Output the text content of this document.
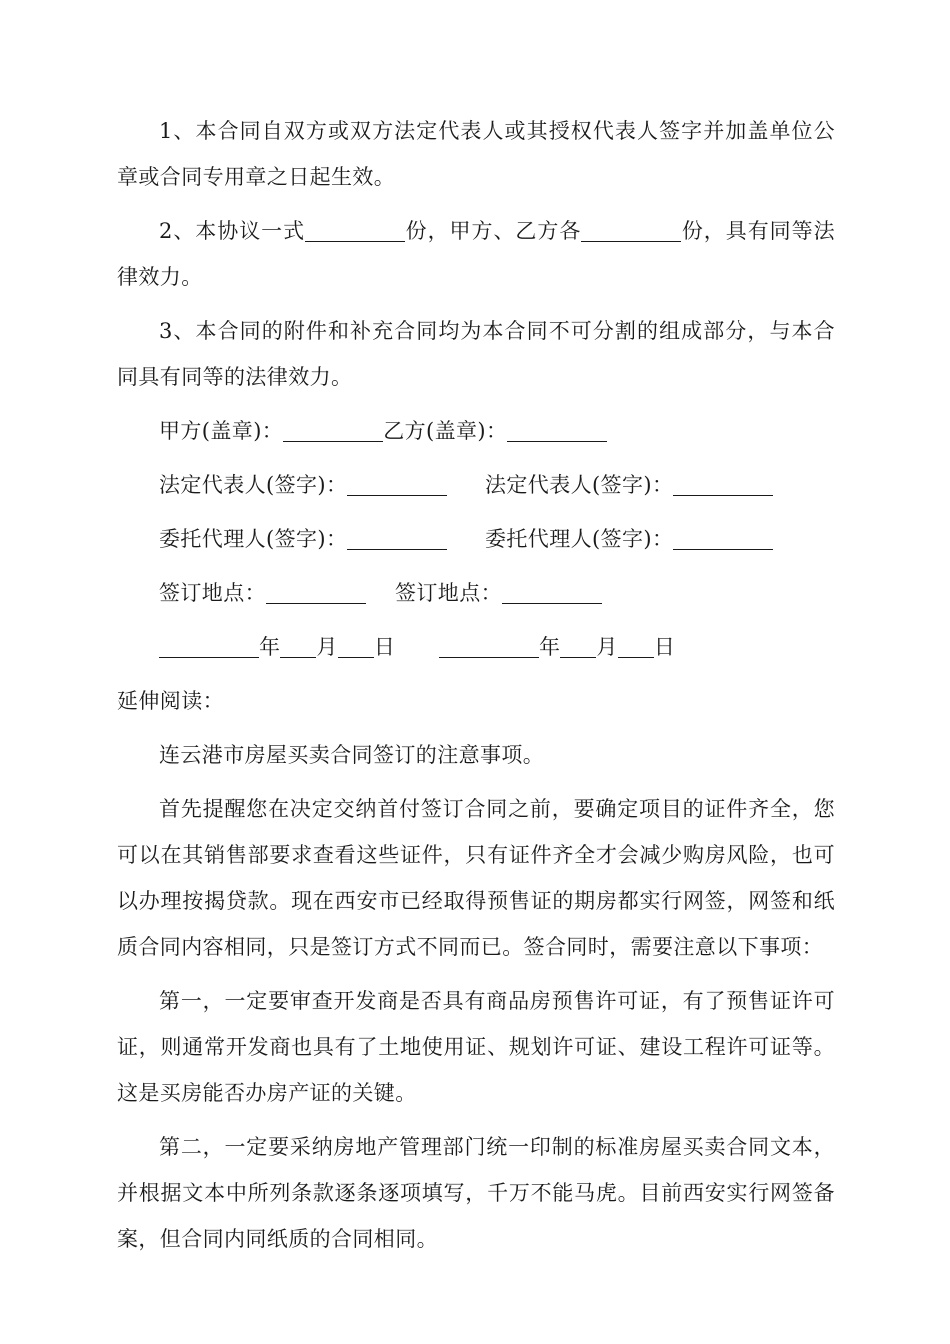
1、本合同自双方或双方法定代表人或其授权代表人签字并加盖单位公章或合同专用章之日起生效。

2、本协议一式	份，甲方、乙方各	份，具有同等法律效力。

3、本合同的附件和补充合同均为本合同不可分割的组成部分，与本合同具有同等的法律效力。

甲方(盖章)：	乙方(盖章)：
法定代表人(签字)：	法定代表人(签字)：
委托代理人(签字)：	委托代理人(签字)：
签订地点：	签订地点：
年 月 日	年 月 日

延伸阅读：

连云港市房屋买卖合同签订的注意事项。

首先提醒您在决定交纳首付签订合同之前，要确定项目的证件齐全，您可以在其销售部要求查看这些证件，只有证件齐全才会减少购房风险，也可以办理按揭贷款。现在西安市已经取得预售证的期房都实行网签，网签和纸质合同内容相同，只是签订方式不同而已。签合同时，需要注意以下事项：

第一，一定要审查开发商是否具有商品房预售许可证，有了预售证许可证，则通常开发商也具有了土地使用证、规划许可证、建设工程许可证等。这是买房能否办房产证的关键。

第二，一定要采纳房地产管理部门统一印制的标准房屋买卖合同文本，并根据文本中所列条款逐条逐项填写，千万不能马虎。目前西安实行网签备案，但合同内同纸质的合同相同。
